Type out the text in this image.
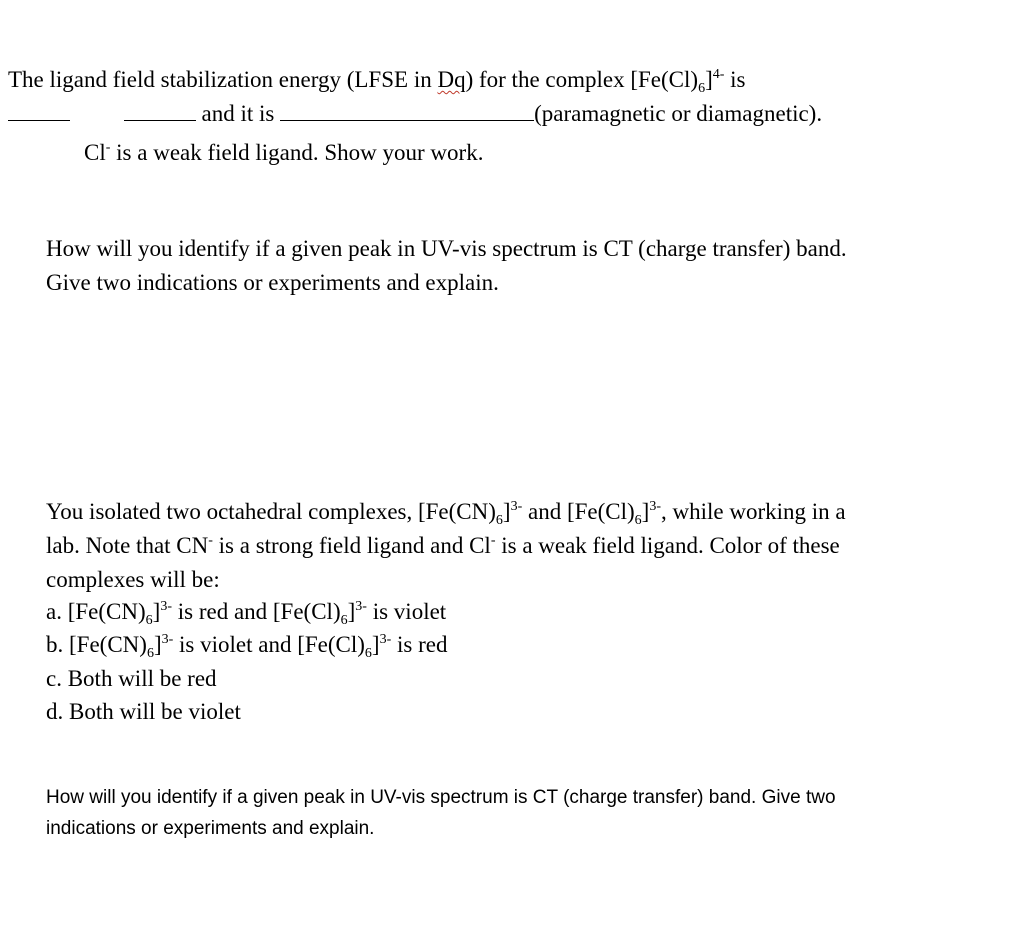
The ligand field stabilization energy (LFSE in Dq) for the complex $[Fe(Cl)_6]^{4-}$ is
and it is	(paramagnetic or diamagnetic).
Cl- is a weak field ligand. Show your work.
How will you identify if a given peak in UV-vis spectrum is CT (charge transfer) band.
Give two indications or experiments and explain.
You isolated two octahedral complexes, $[Fe(CN)_6]^{3-}$ and $[Fe(Cl)_6]^{3-}$, while working in a
lab. Note that CN- is a strong field ligand and Cl- is a weak field ligand. Color of these
complexes will be:
a. $[Fe(CN)_6]^{3-}$ is red and $[Fe(Cl)_6]^{3-}$ is violet
b. $[Fe(CN)_6]^{3-}$ is violet and $[Fe(Cl)_6]^{3-}$ is red
c. Both will be red
d. Both will be violet
How will you identify if a given peak in UV-vis spectrum is CT (charge transfer) band. Give two
indications or experiments and explain.
